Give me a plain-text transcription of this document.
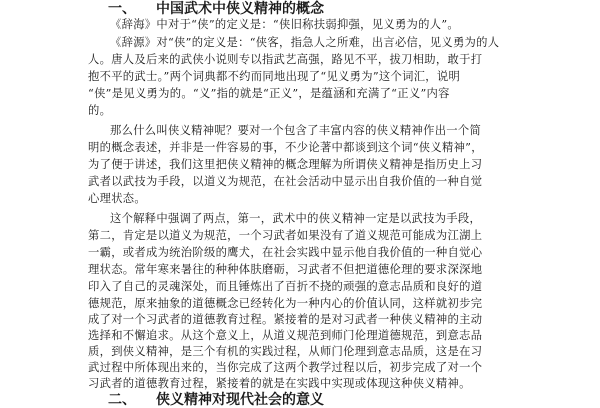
一、 中国武术中侠义精神的概念
《辞海》中对于“侠”的定义是：“侠旧称扶弱抑强，见义勇为的人”。
《辞源》对“侠”的定义是：“侠客，指急人之所难，出言必信，见义勇为的人
人。唐人及后来的武侠小说则专以指武艺高强，路见不平，拔刀相助，敢于打
抱不平的武士。”两个词典都不约而同地出现了“见义勇为”这个词汇，说明
“侠”是见义勇为的。“义”指的就是“正义”，是蕴涵和充满了“正义”内容
的。
那么什么叫侠义精神呢？要对一个包含了丰富内容的侠义精神作出一个简
明的概念表述，并非是一件容易的事，不少论著中都谈到这个词“侠义精神”，
为了便于讲述，我们这里把侠义精神的概念理解为所谓侠义精神是指历史上习
武者以武技为手段，以道义为规范，在社会活动中显示出自我价值的一种自觉
心理状态。
这个解释中强调了两点，第一，武术中的侠义精神一定是以武技为手段，
第二，肯定是以道义为规范，一个习武者如果没有了道义规范可能成为江湖上
一霸，或者成为统治阶级的鹰犬，在社会实践中显示他自我价值的一种自觉心
理状态。常年寒来暑往的种种体肤磨砺，习武者不但把道德伦理的要求深深地
印入了自己的灵魂深处，而且锤炼出了百折不挠的顽强的意志品质和良好的道
德规范，原来抽象的道德概念已经转化为一种内心的价值认同，这样就初步完
成了对一个习武者的道德教育过程。紧接着的是对习武者一种侠义精神的主动
选择和不懈追求。从这个意义上，从道义规范到师门伦理道德规范，到意志品
质，到侠义精神，是三个有机的实践过程，从师门伦理到意志品质，这是在习
武过程中所体现出来的，当你完成了这两个教学过程以后，初步完成了对一个
习武者的道德教育过程，紧接着的就是在实践中实现或体现这种侠义精神。
二、 侠义精神对现代社会的意义
